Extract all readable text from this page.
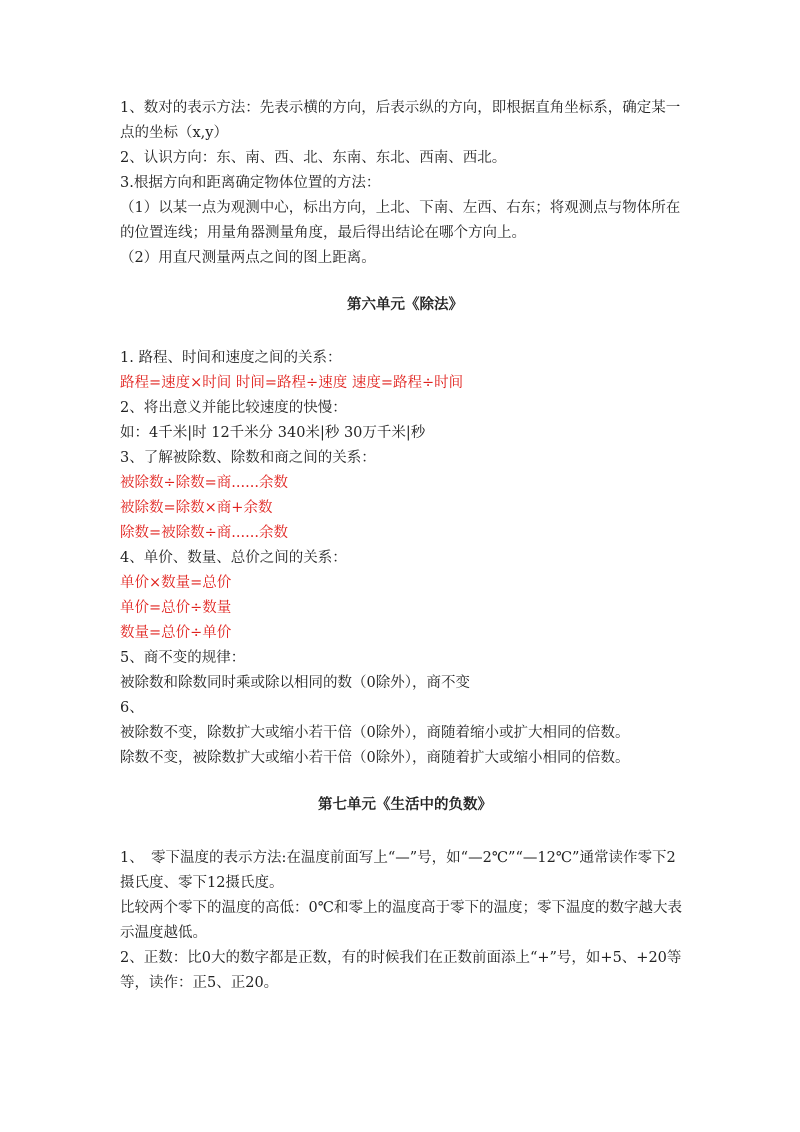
1、数对的表示方法：先表示横的方向，后表示纵的方向，即根据直角坐标系，确定某一点的坐标（x,y）

2、认识方向：东、南、西、北、东南、东北、西南、西北。

3.根据方向和距离确定物体位置的方法：

（1）以某一点为观测中心，标出方向，上北、下南、左西、右东；将观测点与物体所在的位置连线；用量角器测量角度，最后得出结论在哪个方向上。

（2）用直尺测量两点之间的图上距离。

第六单元《除法》

1. 路程、时间和速度之间的关系：

路程=速度×时间 时间=路程÷速度 速度=路程÷时间

2、将出意义并能比较速度的快慢：

如：4千米|时 12千米分 340米|秒 30万千米|秒

3、了解被除数、除数和商之间的关系：

被除数÷除数=商......余数

被除数=除数×商+余数

除数=被除数÷商......余数

4、单价、数量、总价之间的关系：

单价×数量=总价

单价=总价÷数量

数量=总价÷单价

5、商不变的规律：

被除数和除数同时乘或除以相同的数（0除外），商不变

6、

被除数不变，除数扩大或缩小若干倍（0除外），商随着缩小或扩大相同的倍数。

除数不变，被除数扩大或缩小若干倍（0除外），商随着扩大或缩小相同的倍数。

第七单元《生活中的负数》

1、　零下温度的表示方法:在温度前面写上“—”号，如“—2℃”“—12℃”通常读作零下2摄氏度、零下12摄氏度。

比较两个零下的温度的高低：0℃和零上的温度高于零下的温度；零下温度的数字越大表示温度越低。

2、正数：比0大的数字都是正数，有的时候我们在正数前面添上“+”号，如+5、+20等等，读作：正5、正20。
